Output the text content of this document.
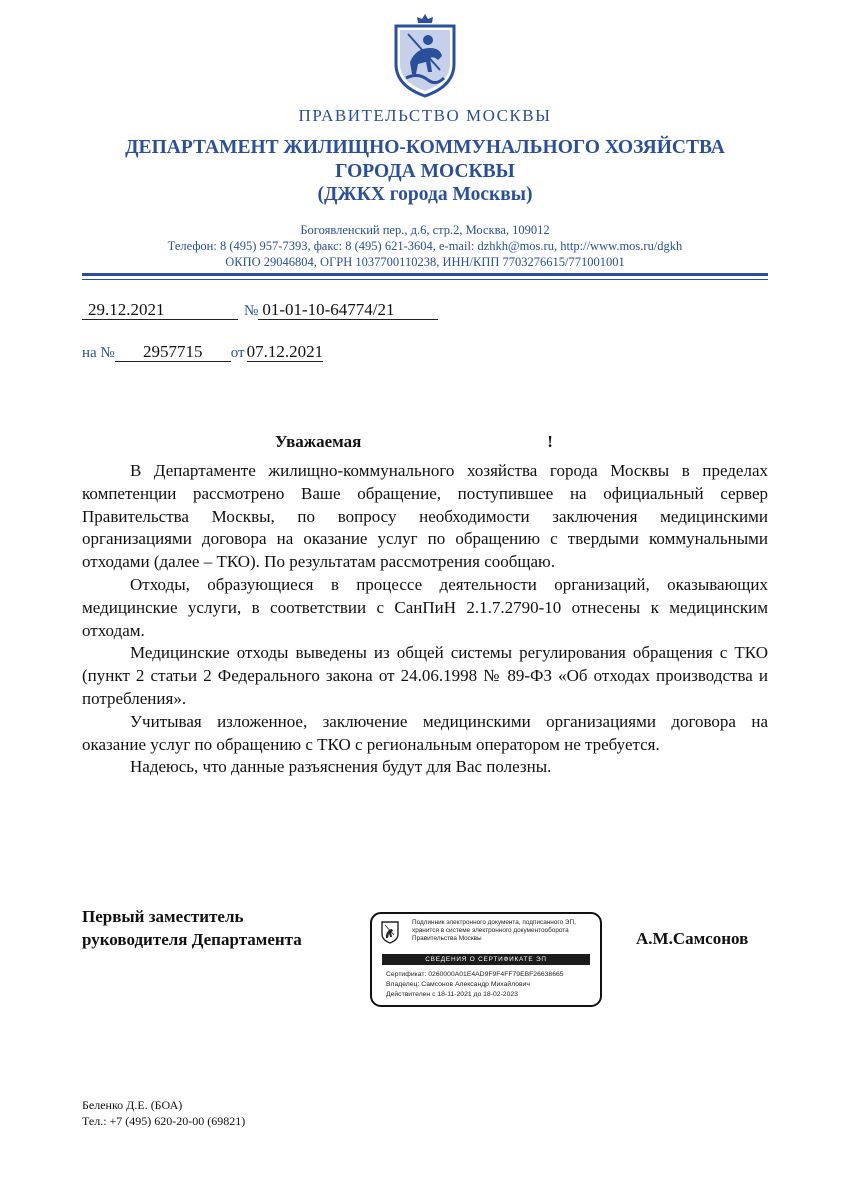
ПРАВИТЕЛЬСТВО МОСКВЫ
ДЕПАРТАМЕНТ ЖИЛИЩНО-КОММУНАЛЬНОГО ХОЗЯЙСТВА
ГОРОДА МОСКВЫ
(ДЖКХ города Москвы)
Богоявленский пер., д.6, стр.2, Москва, 109012
Телефон: 8 (495) 957-7393, факс: 8 (495) 621-3604, e-mail: dzhkh@mos.ru, http://www.mos.ru/dgkh
ОКПО 29046804, ОГРН 1037700110238, ИНН/КПП 7703276615/771001001
29.12.2021	№ 01-01-10-64774/21
на № 2957715 от 07.12.2021
Уважаемая	!

В Департаменте жилищно-коммунального хозяйства города Москвы в пределах компетенции рассмотрено Ваше обращение, поступившее на официальный сервер Правительства Москвы, по вопросу необходимости заключения медицинскими организациями договора на оказание услуг по обращению с твердыми коммунальными отходами (далее – ТКО). По результатам рассмотрения сообщаю.

Отходы, образующиеся в процессе деятельности организаций, оказывающих медицинские услуги, в соответствии с СанПиН 2.1.7.2790-10 отнесены к медицинским отходам.

Медицинские отходы выведены из общей системы регулирования обращения с ТКО (пункт 2 статьи 2 Федерального закона от 24.06.1998 № 89-ФЗ «Об отходах производства и потребления».

Учитывая изложенное, заключение медицинскими организациями договора на оказание услуг по обращению с ТКО с региональным оператором не требуется.

Надеюсь, что данные разъяснения будут для Вас полезны.

Первый заместитель
руководителя Департамента
Подлинник электронного документа, подписанного ЭП, хранится в системе электронного документооборота Правительства Москвы
СВЕДЕНИЯ О СЕРТИФИКАТЕ ЭП
Сертификат: 0260000A01E4AD9F9F4FF79EBF26638665
Владелец: Самсонов Александр Михайлович
Действителен с 18-11-2021 до 18-02-2023
А.М.Самсонов
Беленко Д.Е. (БОА)
Тел.: +7 (495) 620-20-00 (69821)
